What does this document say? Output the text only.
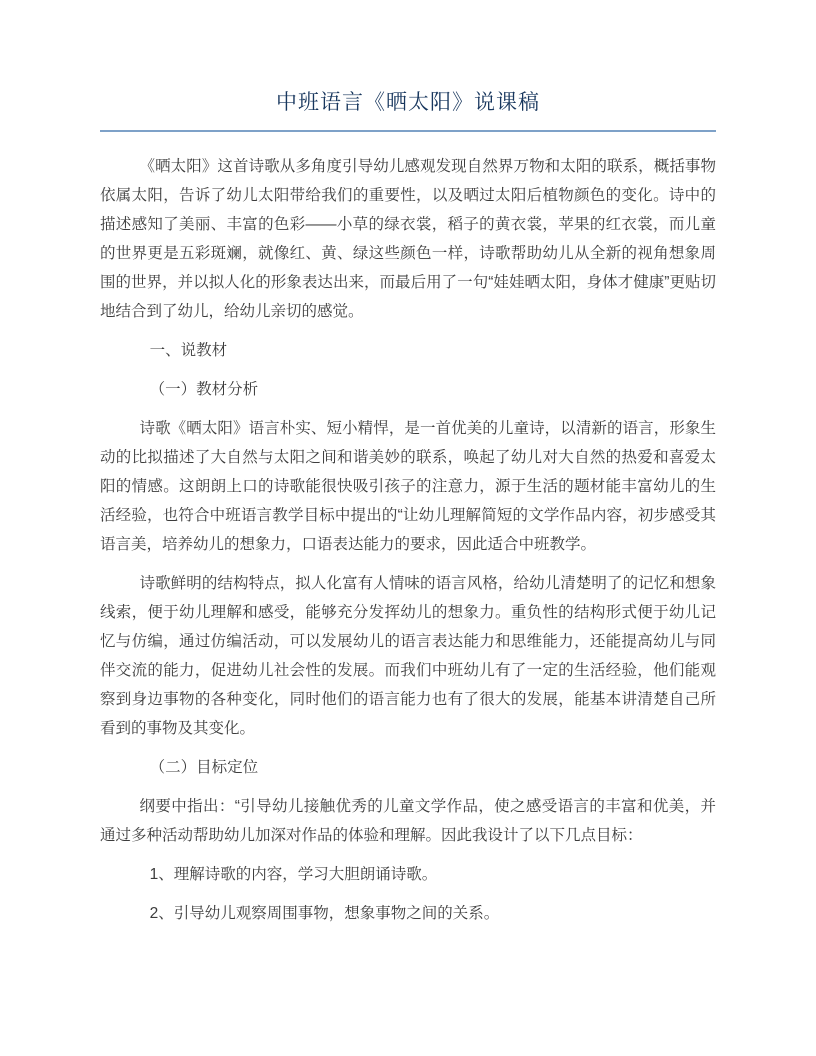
中班语言《晒太阳》说课稿

《晒太阳》这首诗歌从多角度引导幼儿感观发现自然界万物和太阳的联系，概括事物依属太阳，告诉了幼儿太阳带给我们的重要性，以及晒过太阳后植物颜色的变化。诗中的描述感知了美丽、丰富的色彩——小草的绿衣裳，稻子的黄衣裳，苹果的红衣裳，而儿童的世界更是五彩斑斓，就像红、黄、绿这些颜色一样，诗歌帮助幼儿从全新的视角想象周围的世界，并以拟人化的形象表达出来，而最后用了一句“娃娃晒太阳，身体才健康”更贴切地结合到了幼儿，给幼儿亲切的感觉。

一、说教材

（一）教材分析

诗歌《晒太阳》语言朴实、短小精悍，是一首优美的儿童诗，以清新的语言，形象生动的比拟描述了大自然与太阳之间和谐美妙的联系，唤起了幼儿对大自然的热爱和喜爱太阳的情感。这朗朗上口的诗歌能很快吸引孩子的注意力，源于生活的题材能丰富幼儿的生活经验，也符合中班语言教学目标中提出的“让幼儿理解简短的文学作品内容，初步感受其语言美，培养幼儿的想象力，口语表达能力的要求，因此适合中班教学。

诗歌鲜明的结构特点，拟人化富有人情味的语言风格，给幼儿清楚明了的记忆和想象线索，便于幼儿理解和感受，能够充分发挥幼儿的想象力。重负性的结构形式便于幼儿记忆与仿编，通过仿编活动，可以发展幼儿的语言表达能力和思维能力，还能提高幼儿与同伴交流的能力，促进幼儿社会性的发展。而我们中班幼儿有了一定的生活经验，他们能观察到身边事物的各种变化，同时他们的语言能力也有了很大的发展，能基本讲清楚自己所看到的事物及其变化。

（二）目标定位

纲要中指出：“引导幼儿接触优秀的儿童文学作品，使之感受语言的丰富和优美，并通过多种活动帮助幼儿加深对作品的体验和理解。因此我设计了以下几点目标：

1、理解诗歌的内容，学习大胆朗诵诗歌。

2、引导幼儿观察周围事物，想象事物之间的关系。
